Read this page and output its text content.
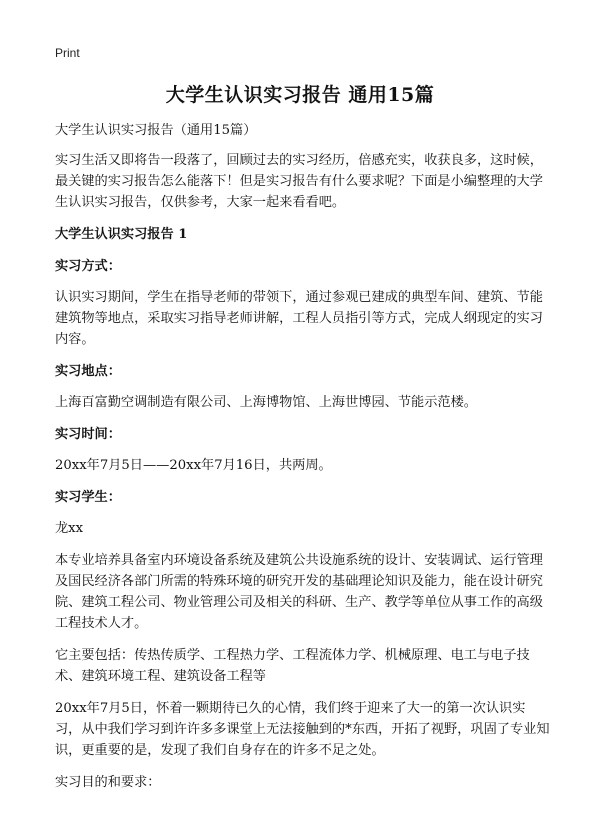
Print
大学生认识实习报告 通用15篇

大学生认识实习报告（通用15篇）

实习生活又即将告一段落了，回顾过去的实习经历，倍感充实，收获良多，这时候，最关键的实习报告怎么能落下！但是实习报告有什么要求呢？下面是小编整理的大学生认识实习报告，仅供参考，大家一起来看看吧。

大学生认识实习报告 1

实习方式：

认识实习期间，学生在指导老师的带领下，通过参观已建成的典型车间、建筑、节能建筑物等地点，采取实习指导老师讲解，工程人员指引等方式，完成人纲现定的实习内容。

实习地点：

上海百富勤空调制造有限公司、上海博物馆、上海世博园、节能示范楼。

实习时间：

20xx年7月5日——20xx年7月16日，共两周。

实习学生：

龙xx

本专业培养具备室内环境设备系统及建筑公共设施系统的设计、安装调试、运行管理及国民经济各部门所需的特殊环境的研究开发的基础理论知识及能力，能在设计研究院、建筑工程公司、物业管理公司及相关的科研、生产、教学等单位从事工作的高级工程技术人才。

它主要包括：传热传质学、工程热力学、工程流体力学、机械原理、电工与电子技术、建筑环境工程、建筑设备工程等

20xx年7月5日，怀着一颗期待已久的心情，我们终于迎来了大一的第一次认识实习，从中我们学习到许许多多课堂上无法接触到的*东西，开拓了视野，巩固了专业知识，更重要的是，发现了我们自身存在的许多不足之处。

实习目的和要求：
